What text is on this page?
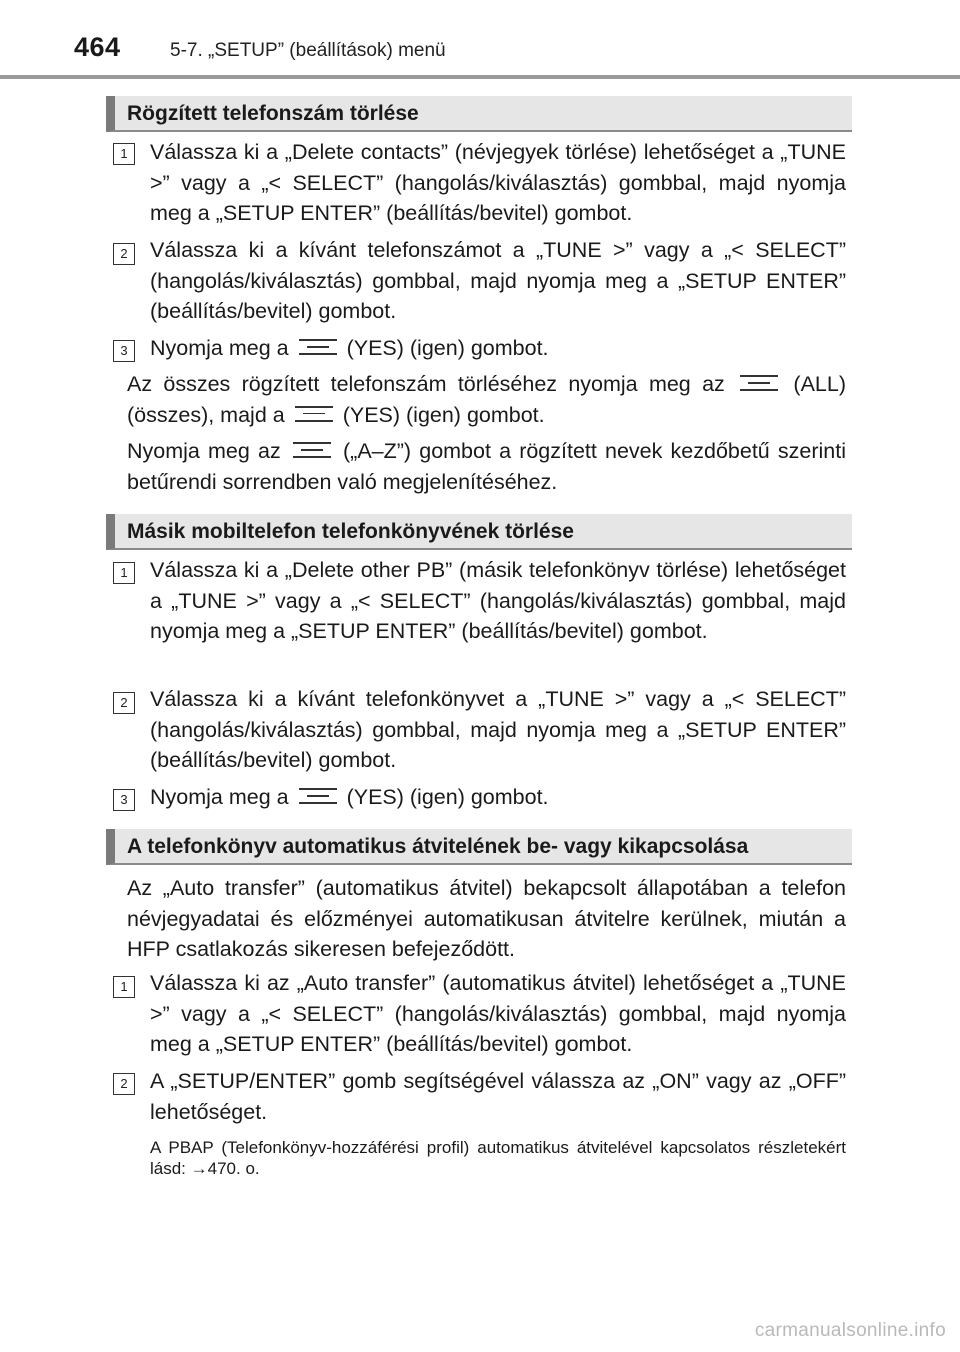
464	5-7. „SETUP” (beállítások) menü
Rögzített telefonszám törlése
1	Válassza ki a „Delete contacts” (névjegyek törlése) lehetőséget a „TUNE >” vagy a „< SELECT” (hangolás/kiválasztás) gombbal, majd nyomja meg a „SETUP ENTER” (beállítás/bevitel) gombot.

2	Válassza ki a kívánt telefonszámot a „TUNE >” vagy a „< SELECT” (hangolás/kiválasztás) gombbal, majd nyomja meg a „SETUP ENTER” (beállítás/bevitel) gombot.

3	Nyomja meg a	(YES) (igen) gombot.

Az összes rögzített telefonszám törléséhez nyomja meg az	(ALL) (összes), majd a	(YES) (igen) gombot.

Nyomja meg az	(„A–Z”) gombot a rögzített nevek kezdőbetű szerinti betűrendi sorrendben való megjelenítéséhez.

Másik mobiltelefon telefonkönyvének törlése
1	Válassza ki a „Delete other PB” (másik telefonkönyv törlése) lehetőséget a „TUNE >” vagy a „< SELECT” (hangolás/kiválasztás) gombbal, majd nyomja meg a „SETUP ENTER” (beállítás/bevitel) gombot.

2	Válassza ki a kívánt telefonkönyvet a „TUNE >” vagy a „< SELECT” (hangolás/kiválasztás) gombbal, majd nyomja meg a „SETUP ENTER” (beállítás/bevitel) gombot.

3	Nyomja meg a	(YES) (igen) gombot.

A telefonkönyv automatikus átvitelének be- vagy kikapcsolása

Az „Auto transfer” (automatikus átvitel) bekapcsolt állapotában a telefon névjegyadatai és előzményei automatikusan átvitelre kerülnek, miután a HFP csatlakozás sikeresen befejeződött.

1	Válassza ki az „Auto transfer” (automatikus átvitel) lehetőséget a „TUNE >” vagy a „< SELECT” (hangolás/kiválasztás) gombbal, majd nyomja meg a „SETUP ENTER” (beállítás/bevitel) gombot.

2	A „SETUP/ENTER” gomb segítségével válassza az „ON” vagy az „OFF” lehetőséget.

A PBAP (Telefonkönyv-hozzáférési profil) automatikus átvitelével kapcsolatos részletekért lásd: →470. o.

carmanualsonline.info
